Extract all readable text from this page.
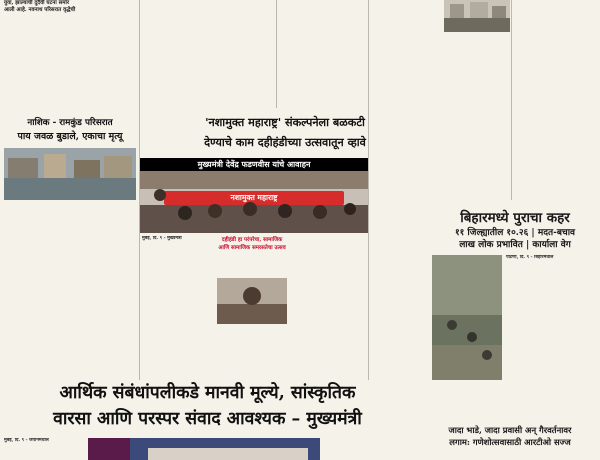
युवा, झाल्याची दुर्दैवी घटना समोर
आली आहे. नवनाथ परिसरात वृद्धेची
नाशिक - रामकुंड परिसरात
पाय जवळ बुडाले, एकाचा मृत्यू
'नशामुक्त महाराष्ट्र' संकल्पनेला बळकटी
देण्याचे काम दहीहंडीच्या उत्सवातून व्हावे
मुख्यमंत्री देवेंद्र फडणवीस यांचे आवाहन
नशामुक्त महाराष्ट्र
मुंबई, दि. ९ - मुख्यमंत्री	दहीहंडी हा परंपरेचा, सामाजिक आणि सामाजिक समरसतेचा उत्सव
बिहारमध्ये पुराचा कहर
११ जिल्ह्यातील १०.२६ | मदत-बचाव
लाख लोक प्रभावित | कार्याला वेग
पाटणा, दि. ९ - बिहारमधील
आर्थिक संबंधांपलीकडे मानवी मूल्ये, सांस्कृतिक
वारसा आणि परस्पर संवाद आवश्यक – मुख्यमंत्री
मुंबई, दि. ९ - जपानमधील
जादा भाडे, जादा प्रवासी अन् गैरवर्तनावर
लगाम: गणेशोत्सवासाठी आरटीओ सज्ज
